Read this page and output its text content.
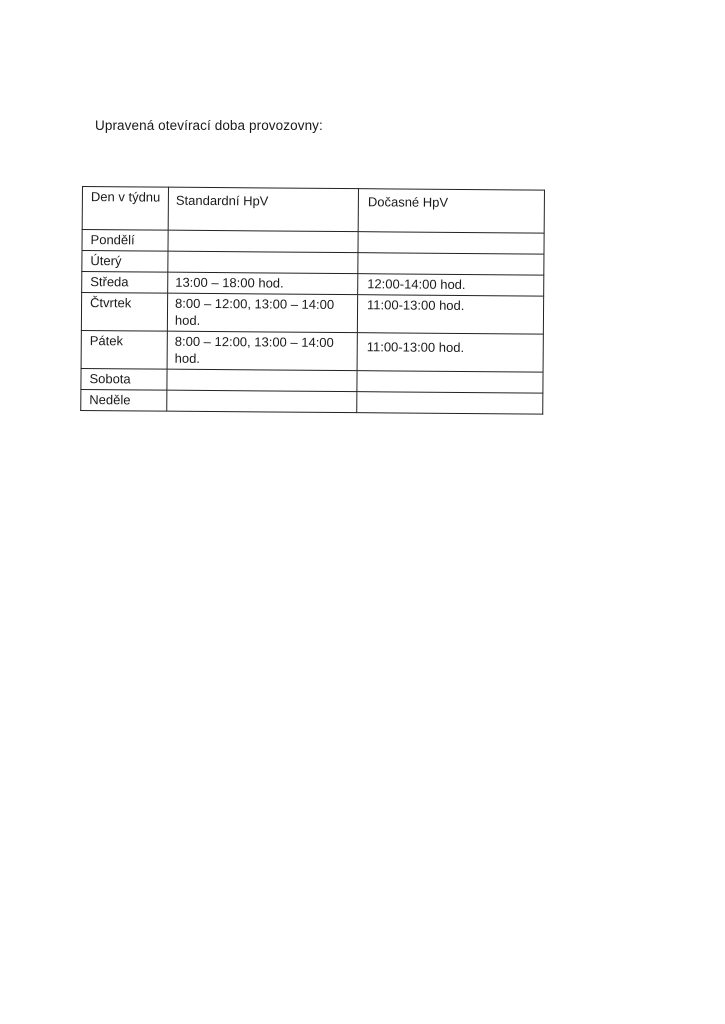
Upravená otevírací doba provozovny:

Den v týdnu	Standardní HpV	Dočasné HpV
Pondělí		
Úterý		
Středa	13:00 – 18:00 hod.	12:00-14:00 hod.
Čtvrtek	8:00 – 12:00, 13:00 – 14:00 hod.	11:00-13:00 hod.
Pátek	8:00 – 12:00, 13:00 – 14:00 hod.	11:00-13:00 hod.
Sobota		
Neděle		
